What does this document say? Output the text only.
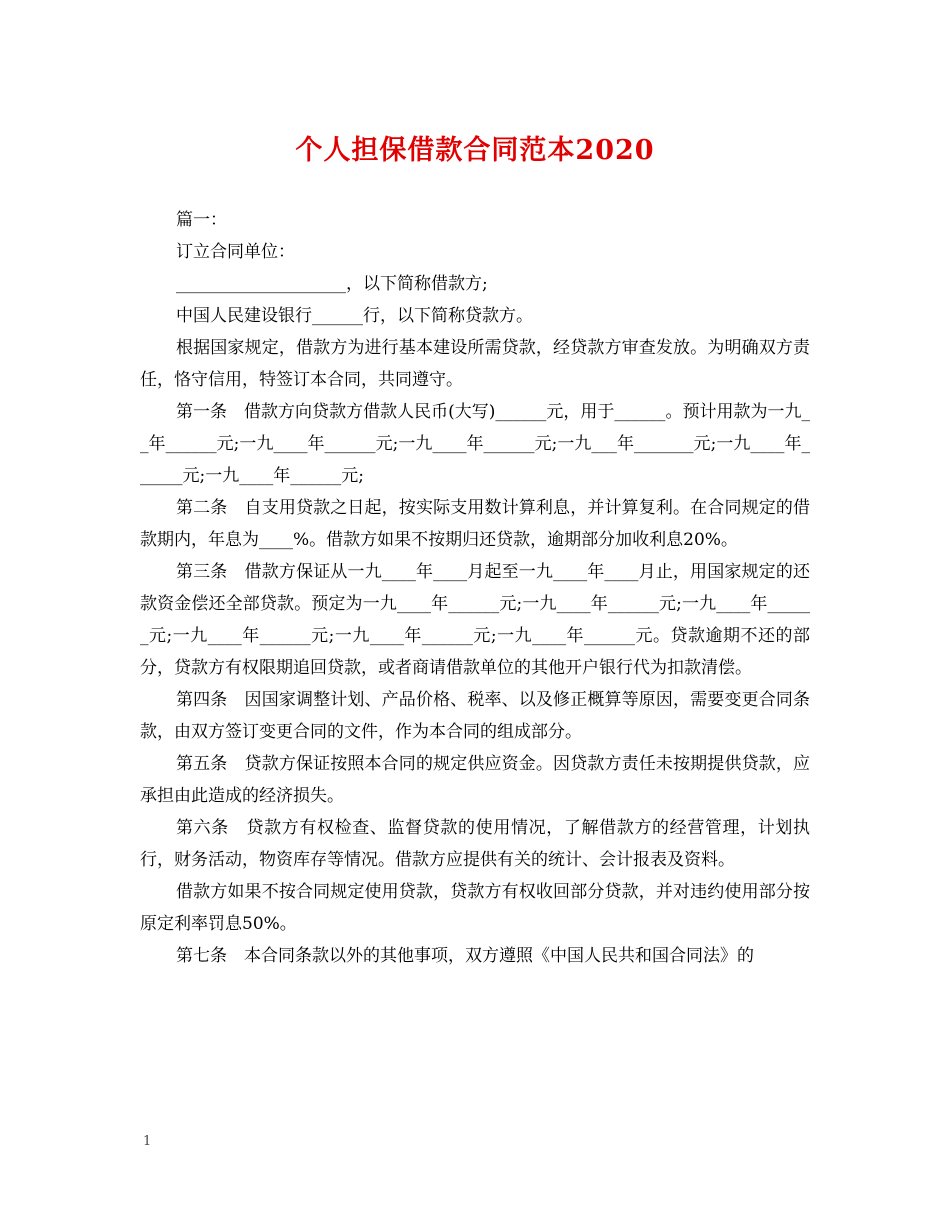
个人担保借款合同范本2020

篇一：

订立合同单位：

____________________，以下简称借款方;

中国人民建设银行______行，以下简称贷款方。

根据国家规定，借款方为进行基本建设所需贷款，经贷款方审查发放。为明确双方责任，恪守信用，特签订本合同，共同遵守。

第一条　借款方向贷款方借款人民币(大写)______元，用于______。预计用款为一九__年______元;一九____年______元;一九____年______元;一九___年_______元;一九____年______元;一九____年______元;

第二条　自支用贷款之日起，按实际支用数计算利息，并计算复利。在合同规定的借款期内，年息为____%。借款方如果不按期归还贷款，逾期部分加收利息20%。

第三条　借款方保证从一九____年____月起至一九____年____月止，用国家规定的还款资金偿还全部贷款。预定为一九____年______元;一九____年______元;一九____年______元;一九____年______元;一九____年______元;一九____年______元。贷款逾期不还的部分，贷款方有权限期追回贷款，或者商请借款单位的其他开户银行代为扣款清偿。

第四条　因国家调整计划、产品价格、税率、以及修正概算等原因，需要变更合同条款，由双方签订变更合同的文件，作为本合同的组成部分。

第五条　贷款方保证按照本合同的规定供应资金。因贷款方责任未按期提供贷款，应承担由此造成的经济损失。

第六条　贷款方有权检查、监督贷款的使用情况，了解借款方的经营管理，计划执行，财务活动，物资库存等情况。借款方应提供有关的统计、会计报表及资料。

借款方如果不按合同规定使用贷款，贷款方有权收回部分贷款，并对违约使用部分按原定利率罚息50%。

第七条　本合同条款以外的其他事项，双方遵照《中国人民共和国合同法》的

1
